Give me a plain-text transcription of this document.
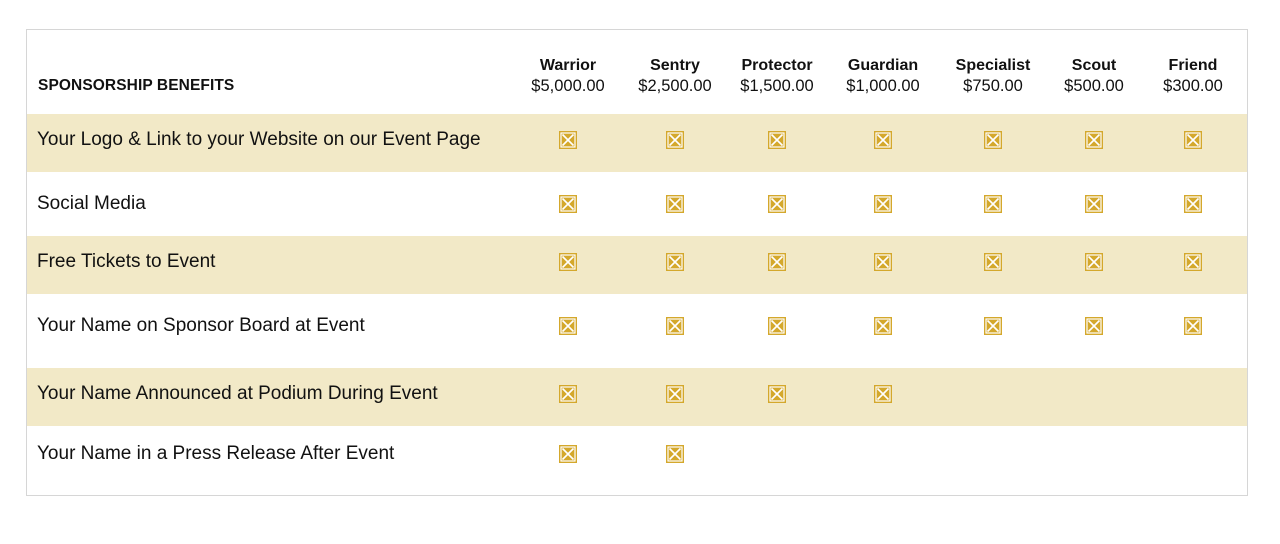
SPONSORSHIP BENEFITS
Warrior
$5,000.00
Sentry
$2,500.00
Protector
$1,500.00
Guardian
$1,000.00
Specialist
$750.00
Scout
$500.00
Friend
$300.00
Your Logo & Link to your Website on our Event Page
Social Media
Free Tickets to Event
Your Name on Sponsor Board at Event
Your Name Announced at Podium During Event
Your Name in a Press Release After Event
